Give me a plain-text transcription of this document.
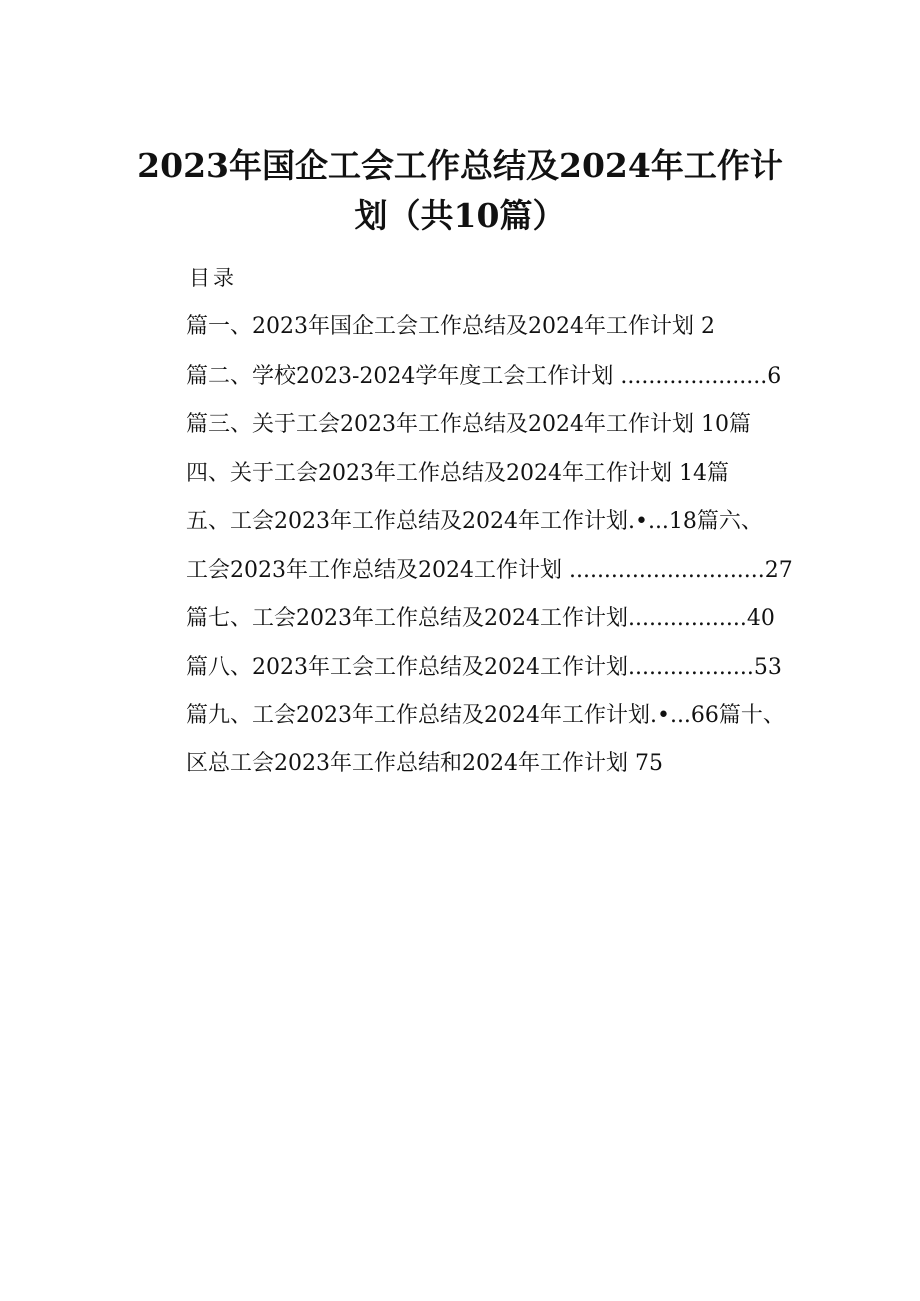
2023年国企工会工作总结及2024年工作计
划（共10篇）
目录
篇一、2023年国企工会工作总结及2024年工作计划 2
篇二、学校2023-2024学年度工会工作计划 .....................6
篇三、关于工会2023年工作总结及2024年工作计划 10篇
四、关于工会2023年工作总结及2024年工作计划 14篇
五、工会2023年工作总结及2024年工作计划.•...18篇六、
工会2023年工作总结及2024工作计划 ............................27
篇七、工会2023年工作总结及2024工作计划.................40
篇八、2023年工会工作总结及2024工作计划..................53
篇九、工会2023年工作总结及2024年工作计划.•...66篇十、
区总工会2023年工作总结和2024年工作计划 75
